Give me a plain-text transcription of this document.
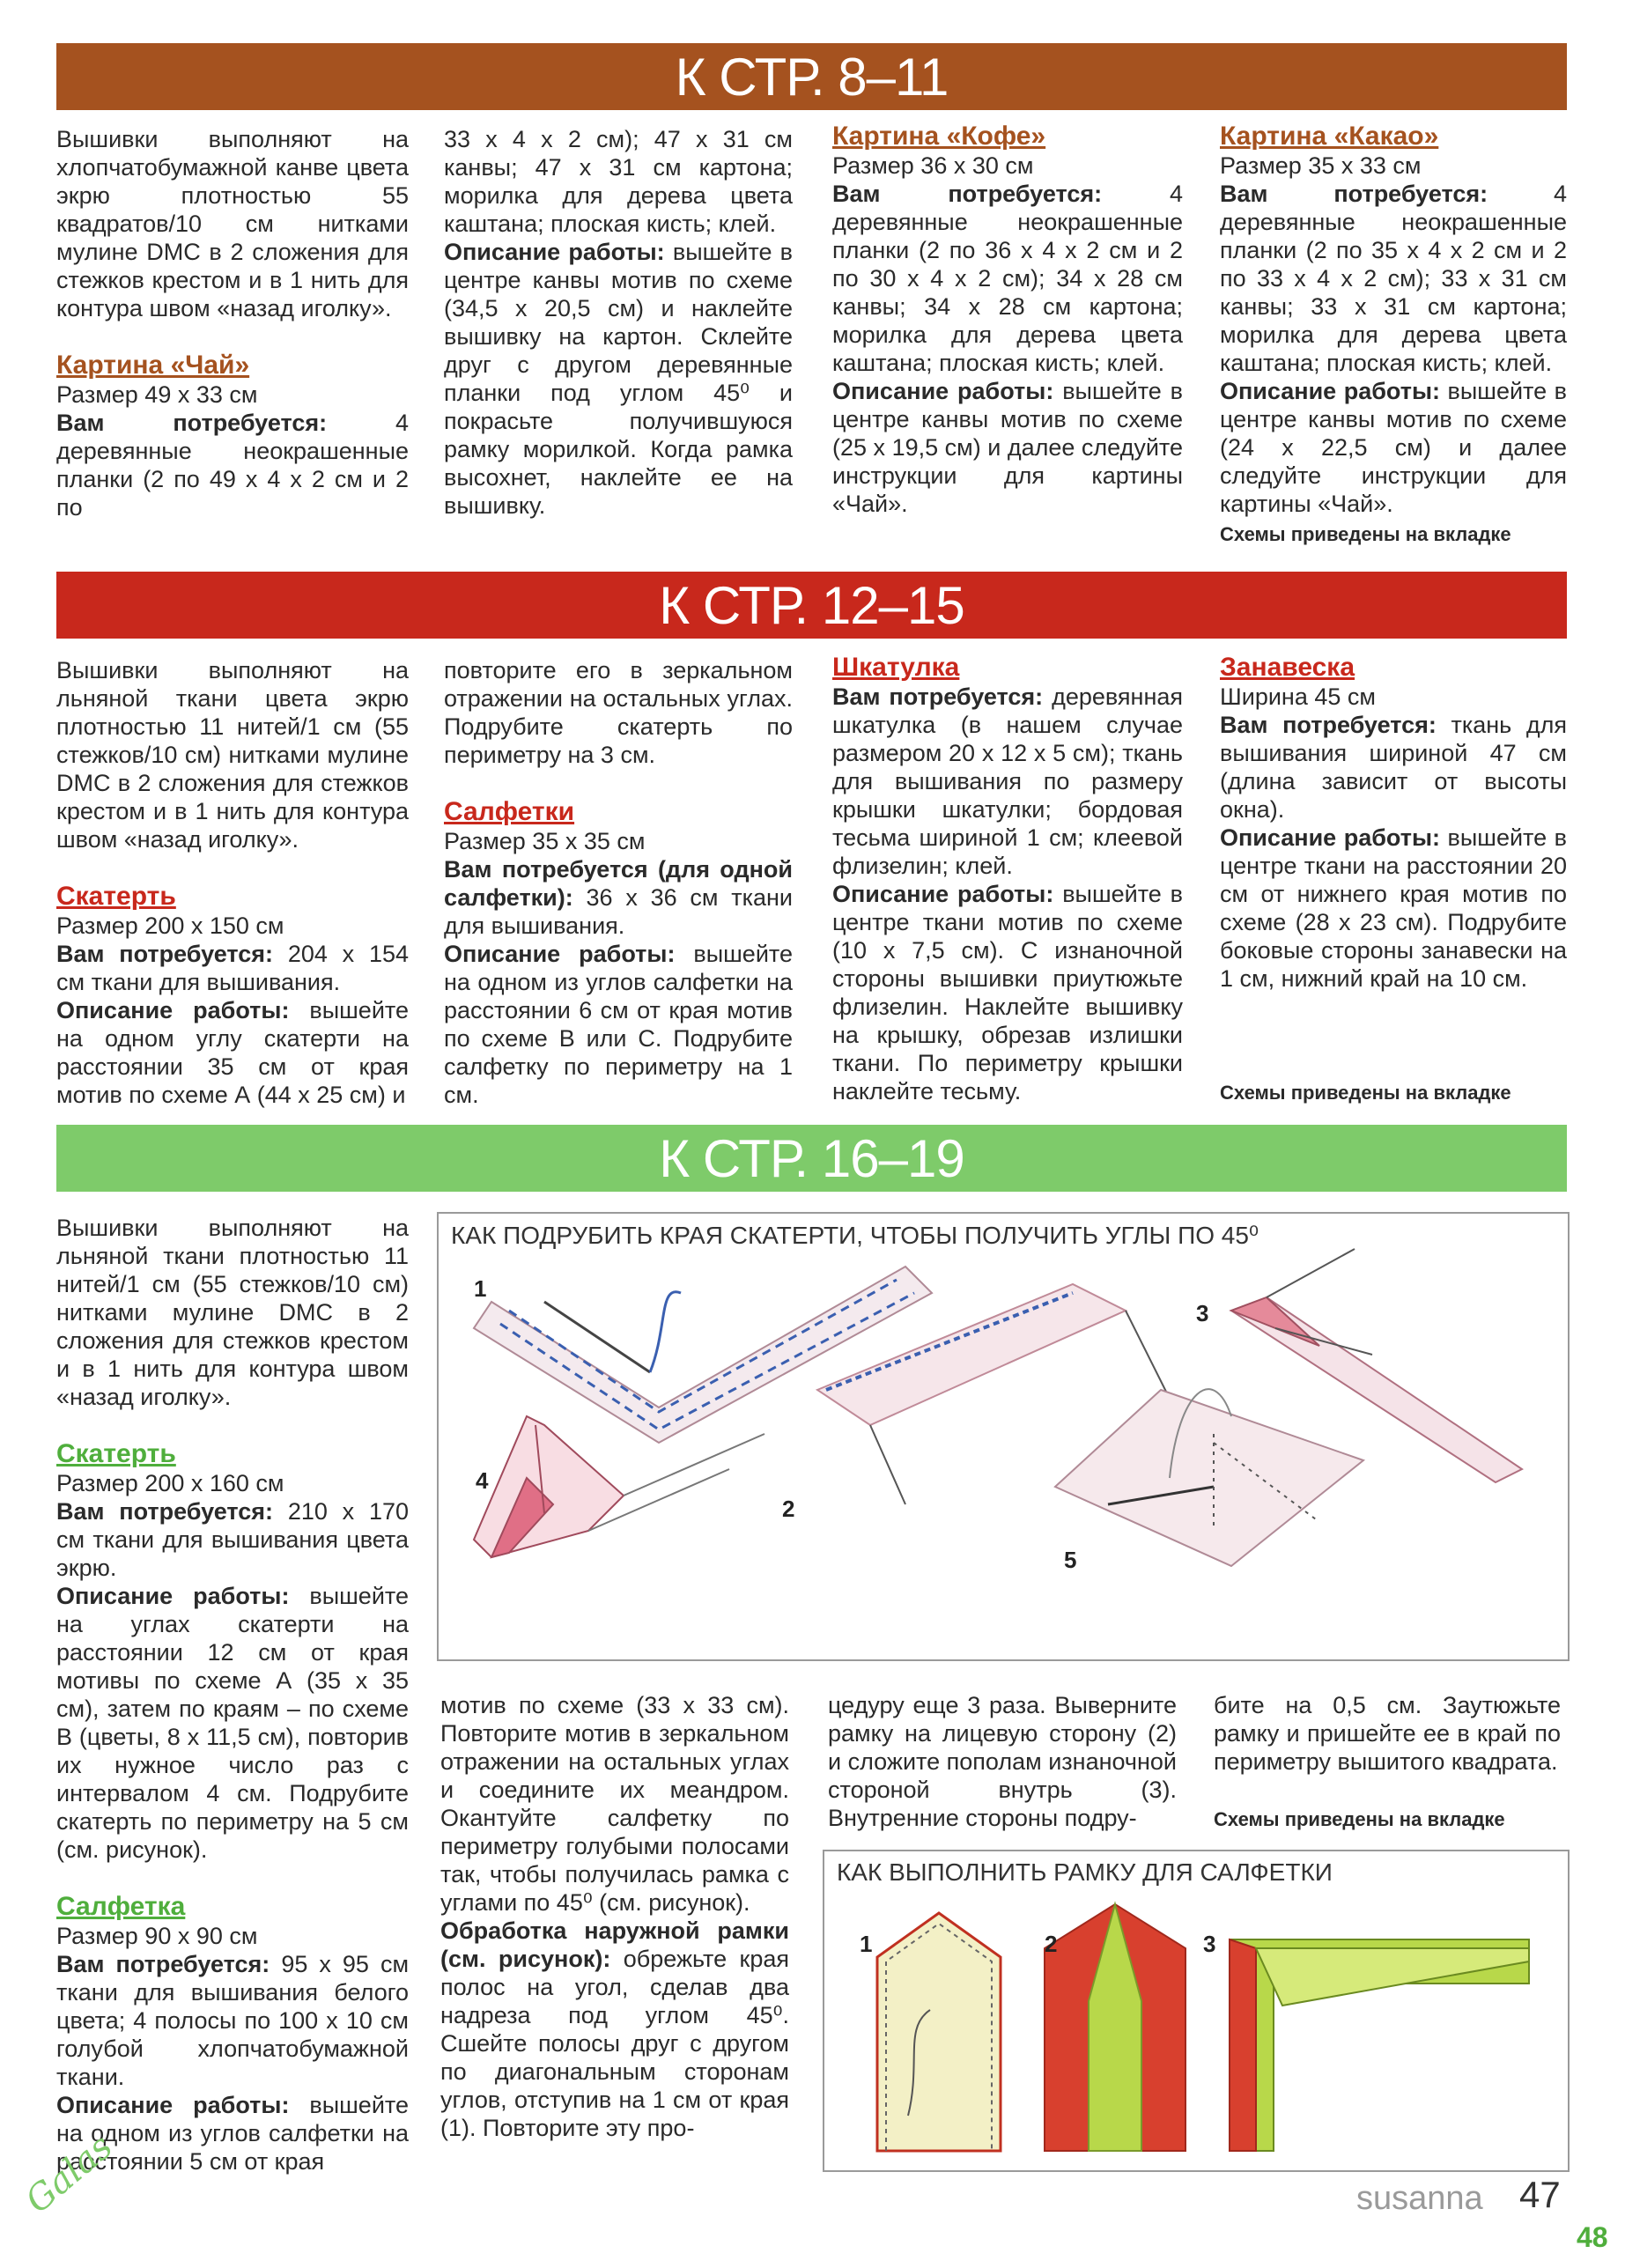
К СТР. 8–11

Вышивки выполняют на хлопчатобумажной канве цвета экрю плотностью 55 квадратов/10 см нитками мулине DMC в 2 сложения для стежков крестом и в 1 нить для контура швом «назад иголку».

Картина «Чай»

Размер 49 х 33 см

Вам потребуется: 4 деревянные неокрашенные планки (2 по 49 х 4 х 2 см и 2 по

33 х 4 х 2 см); 47 х 31 см канвы; 47 х 31 см картона; морилка для дерева цвета каштана; плоская кисть; клей.

Описание работы: вышейте в центре канвы мотив по схеме (34,5 х 20,5 см) и наклейте вышивку на картон. Склейте друг с другом деревянные планки под углом 45⁰ и покрасьте получившуюся рамку морилкой. Когда рамка высохнет, наклейте ее на вышивку.

Картина «Кофе»

Размер 36 х 30 см

Вам потребуется: 4 деревянные неокрашенные планки (2 по 36 х 4 х 2 см и 2 по 30 х 4 х 2 см); 34 х 28 см канвы; 34 х 28 см картона; морилка для дерева цвета каштана; плоская кисть; клей.

Описание работы: вышейте в центре канвы мотив по схеме (25 х 19,5 см) и далее следуйте инструкции для картины «Чай».

Картина «Какао»

Размер 35 х 33 см

Вам потребуется: 4 деревянные неокрашенные планки (2 по 35 х 4 х 2 см и 2 по 33 х 4 х 2 см); 33 х 31 см канвы; 33 х 31 см картона; морилка для дерева цвета каштана; плоская кисть; клей.

Описание работы: вышейте в центре канвы мотив по схеме (24 х 22,5 см) и далее следуйте инструкции для картины «Чай».

Схемы приведены на вкладке
К СТР. 12–15

Вышивки выполняют на льняной ткани цвета экрю плотностью 11 нитей/1 см (55 стежков/10 см) нитками мулине DMC в 2 сложения для стежков крестом и в 1 нить для контура швом «назад иголку».

Скатерть

Размер 200 х 150 см

Вам потребуется: 204 х 154 см ткани для вышивания.

Описание работы: вышейте на одном углу скатерти на расстоянии 35 см от края мотив по схеме А (44 х 25 см) и

повторите его в зеркальном отражении на остальных углах. Подрубите скатерть по периметру на 3 см.

Салфетки

Размер 35 х 35 см

Вам потребуется (для одной салфетки): 36 х 36 см ткани для вышивания.

Описание работы: вышейте на одном из углов салфетки на расстоянии 6 см от края мотив по схеме В или С. Подрубите салфетку по периметру на 1 см.

Шкатулка

Вам потребуется: деревянная шкатулка (в нашем случае размером 20 х 12 х 5 см); ткань для вышивания по размеру крышки шкатулки; бордовая тесьма шириной 1 см; клеевой флизелин; клей.

Описание работы: вышейте в центре ткани мотив по схеме (10 х 7,5 см). С изнаночной стороны вышивки приутюжьте флизелин. Наклейте вышивку на крышку, обрезав излишки ткани. По периметру крышки наклейте тесьму.

Занавеска

Ширина 45 см

Вам потребуется: ткань для вышивания шириной 47 см (длина зависит от высоты окна).

Описание работы: вышейте в центре ткани на расстоянии 20 см от нижнего края мотив по схеме (28 х 23 см). Подрубите боковые стороны занавески на 1 см, нижний край на 10 см.

Схемы приведены на вкладке
К СТР. 16–19

Вышивки выполняют на льняной ткани плотностью 11 нитей/1 см (55 стежков/10 см) нитками мулине DMC в 2 сложения для стежков крестом и в 1 нить для контура швом «назад иголку».

Скатерть

Размер 200 х 160 см

Вам потребуется: 210 х 170 см ткани для вышивания цвета экрю.

Описание работы: вышейте на углах скатерти на расстоянии 12 см от края мотивы по схеме А (35 х 35 см), затем по краям – по схеме В (цветы, 8 х 11,5 см), повторив их нужное число раз с интервалом 4 см. Подрубите скатерть по периметру на 5 см (см. рисунок).

Салфетка

Размер 90 х 90 см

Вам потребуется: 95 х 95 см ткани для вышивания белого цвета; 4 полосы по 100 х 10 см голубой хлопчатобумажной ткани.

Описание работы: вышейте на одном из углов салфетки на расстоянии 5 см от края

КАК ПОДРУБИТЬ КРАЯ СКАТЕРТИ, ЧТОБЫ ПОЛУЧИТЬ УГЛЫ ПО 45⁰
1
2
3
4
5

мотив по схеме (33 х 33 см). Повторите мотив в зеркальном отражении на остальных углах и соедините их меандром. Окантуйте салфетку по периметру голубыми полосами так, чтобы получилась рамка с углами по 45⁰ (см. рисунок).

Обработка наружной рамки (см. рисунок): обрежьте края полос на угол, сделав два надреза под углом 45⁰. Сшейте полосы друг с другом по диагональным сторонам углов, отступив на 1 см от края (1). Повторите эту про-

цедуру еще 3 раза. Выверните рамку на лицевую сторону (2) и сложите пополам изнаночной стороной внутрь (3). Внутренние стороны подру-

бите на 0,5 см. Заутюжьте рамку и пришейте ее в край по периметру вышитого квадрата.

Схемы приведены на вкладке
КАК ВЫПОЛНИТЬ РАМКУ ДЛЯ САЛФЕТКИ
1	2	3
susanna 47
48
Galas
